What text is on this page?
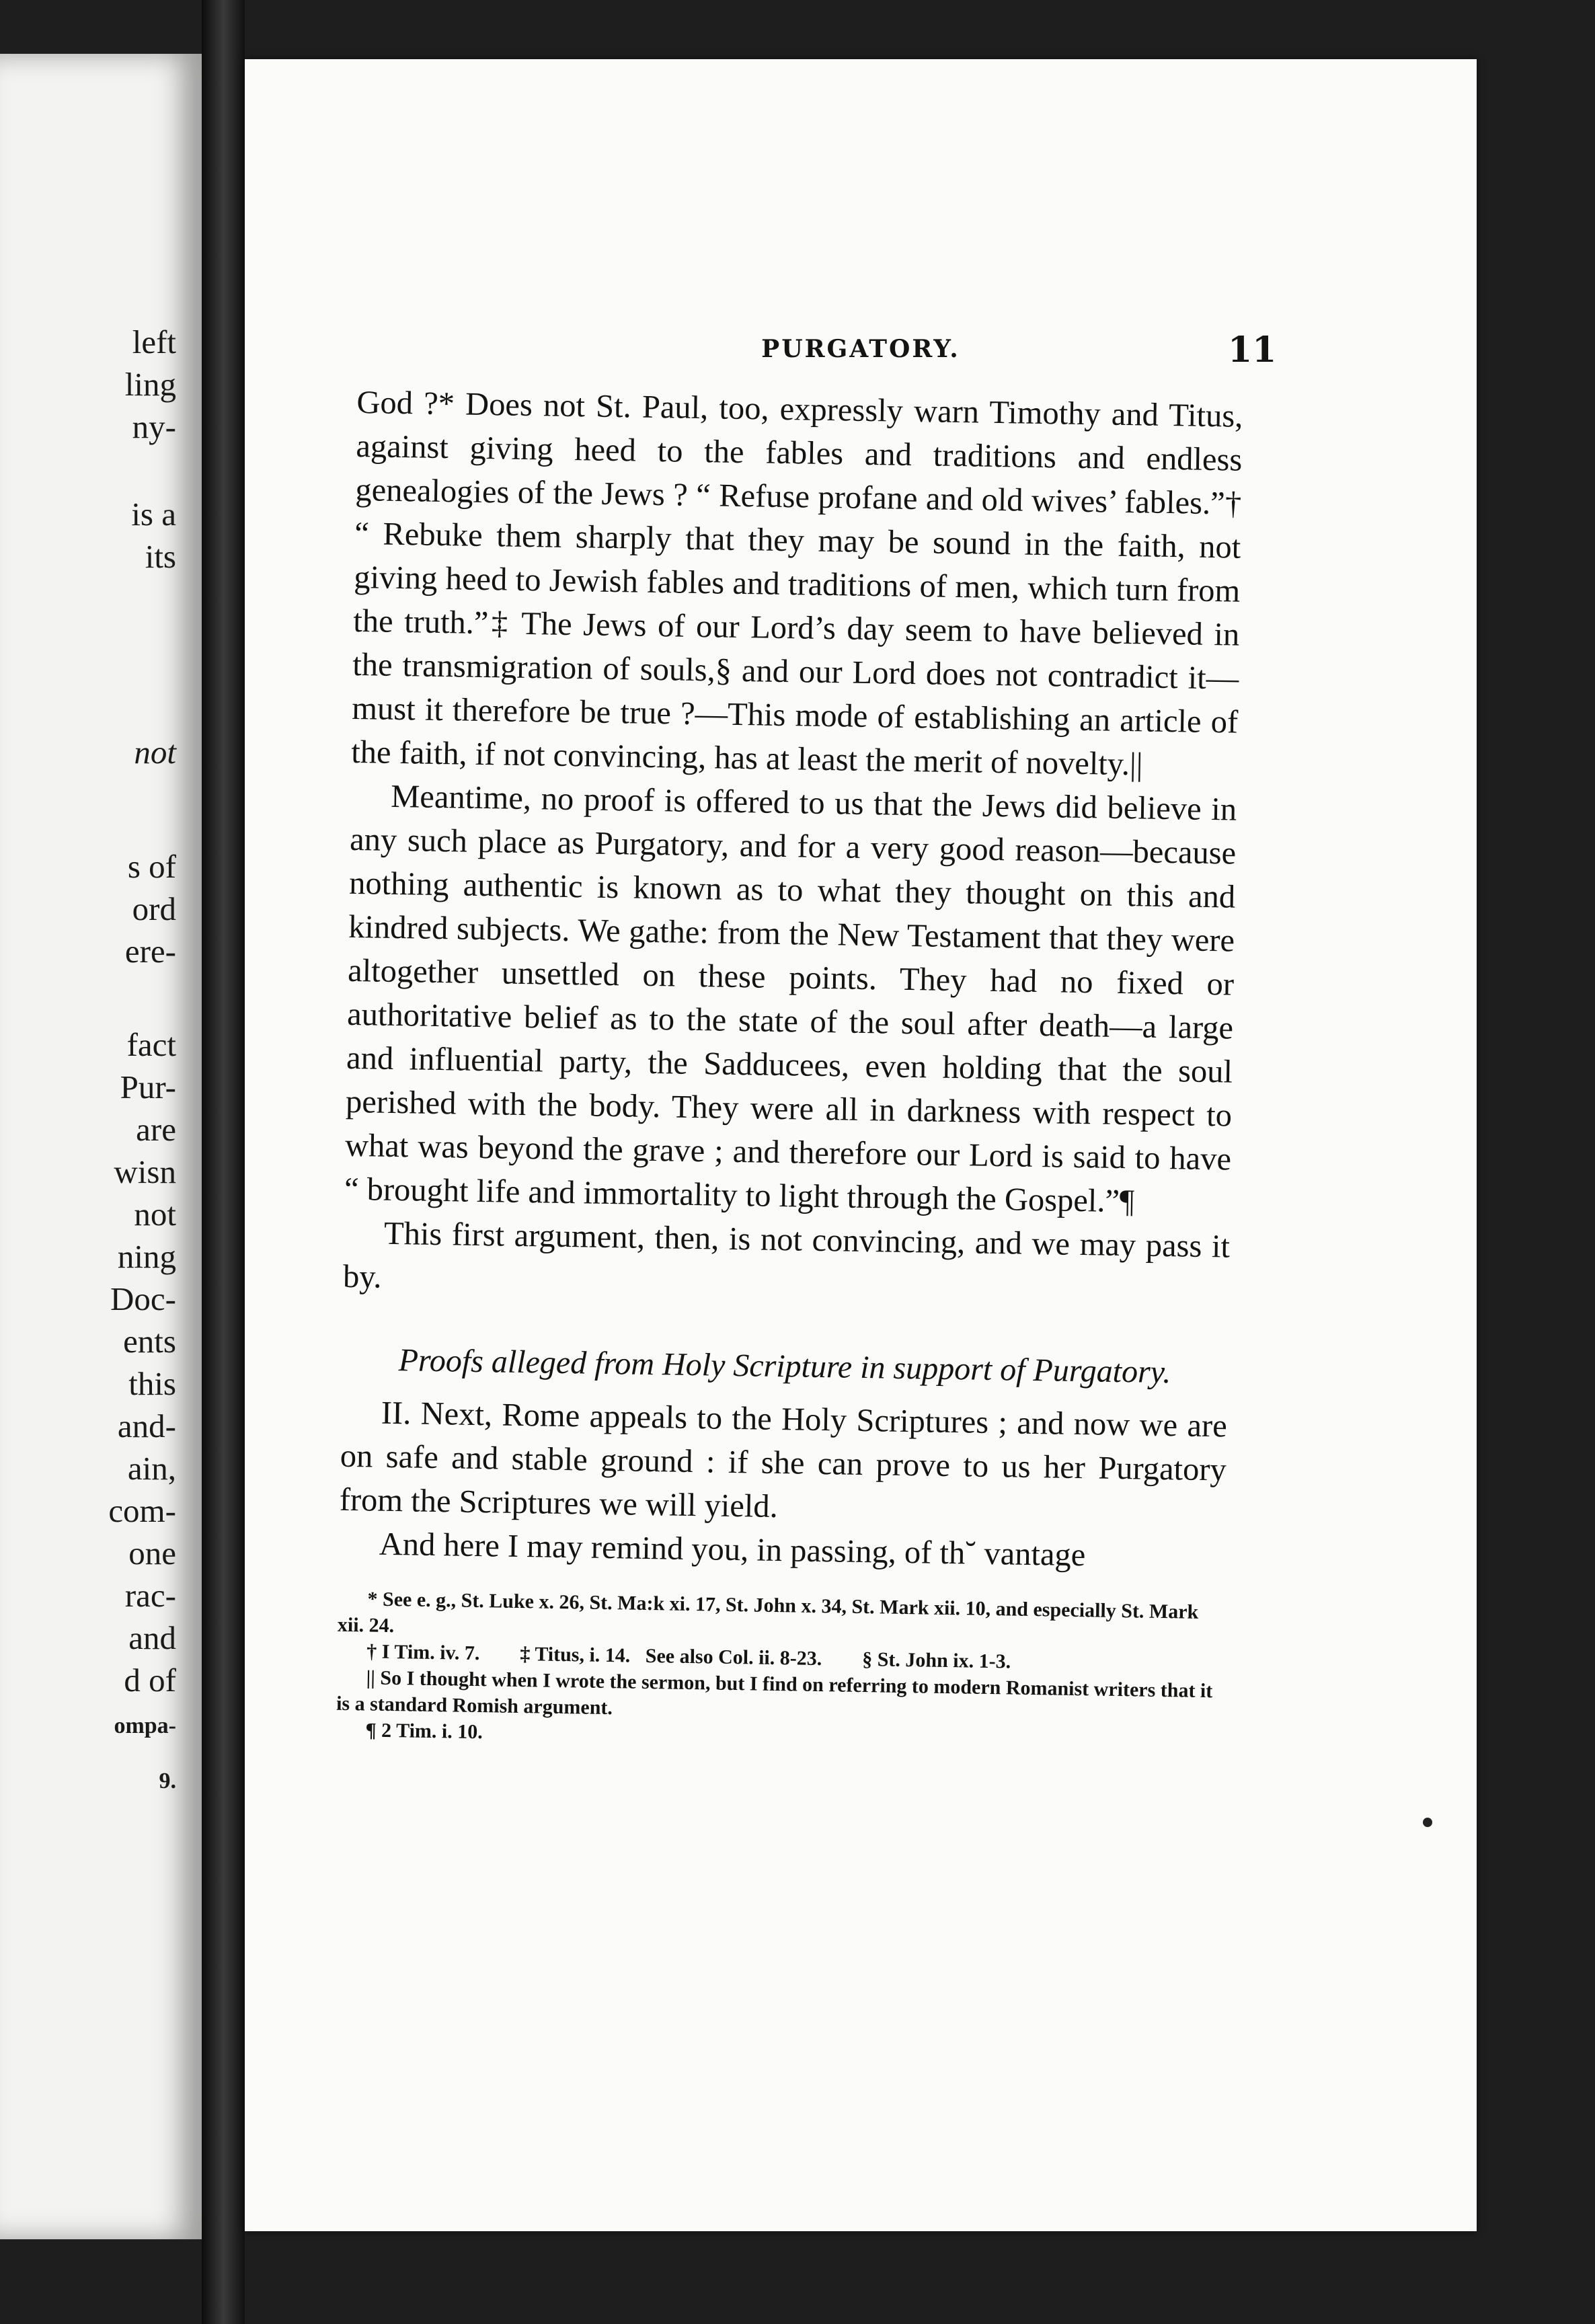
left
ling
ny-
is a
its
not
s of
ord
ere-
fact
Pur-
are
wisn
not
ning
Doc-
ents
this
and-
ain,
com-
one
rac-
and
d of
ompa-
9.
PURGATORY.	11

God ?* Does not St. Paul, too, expressly warn Timothy and Titus, against giving heed to the fables and traditions and endless genealogies of the Jews ? “ Refuse profane and old wives’ fables.”† “ Rebuke them sharply that they may be sound in the faith, not giving heed to Jewish fables and traditions of men, which turn from the truth.”‡ The Jews of our Lord’s day seem to have believed in the transmigration of souls,§ and our Lord does not contradict it—must it therefore be true ?—This mode of establishing an article of the faith, if not convincing, has at least the merit of novelty.||

Meantime, no proof is offered to us that the Jews did believe in any such place as Purgatory, and for a very good reason—because nothing authentic is known as to what they thought on this and kindred subjects. We gathe: from the New Testament that they were altogether unsettled on these points. They had no fixed or authoritative belief as to the state of the soul after death—a large and influential party, the Sadducees, even holding that the soul perished with the body. They were all in darkness with respect to what was beyond the grave ; and therefore our Lord is said to have “ brought life and immortality to light through the Gospel.”¶

This first argument, then, is not convincing, and we may pass it by.

Proofs alleged from Holy Scripture in support of Purgatory.

II. Next, Rome appeals to the Holy Scriptures ; and now we are on safe and stable ground : if she can prove to us her Purgatory from the Scriptures we will yield.

And here I may remind you, in passing, of th˘ vantage

* See e. g., St. Luke x. 26, St. Ma:k xi. 17, St. John x. 34, St. Mark xii. 10, and especially St. Mark xii. 24.

† I Tim. iv. 7.        ‡ Titus, i. 14.   See also Col. ii. 8-23.        § St. John ix. 1-3.

|| So I thought when I wrote the sermon, but I find on referring to modern Romanist writers that it is a standard Romish argument.

¶ 2 Tim. i. 10.
